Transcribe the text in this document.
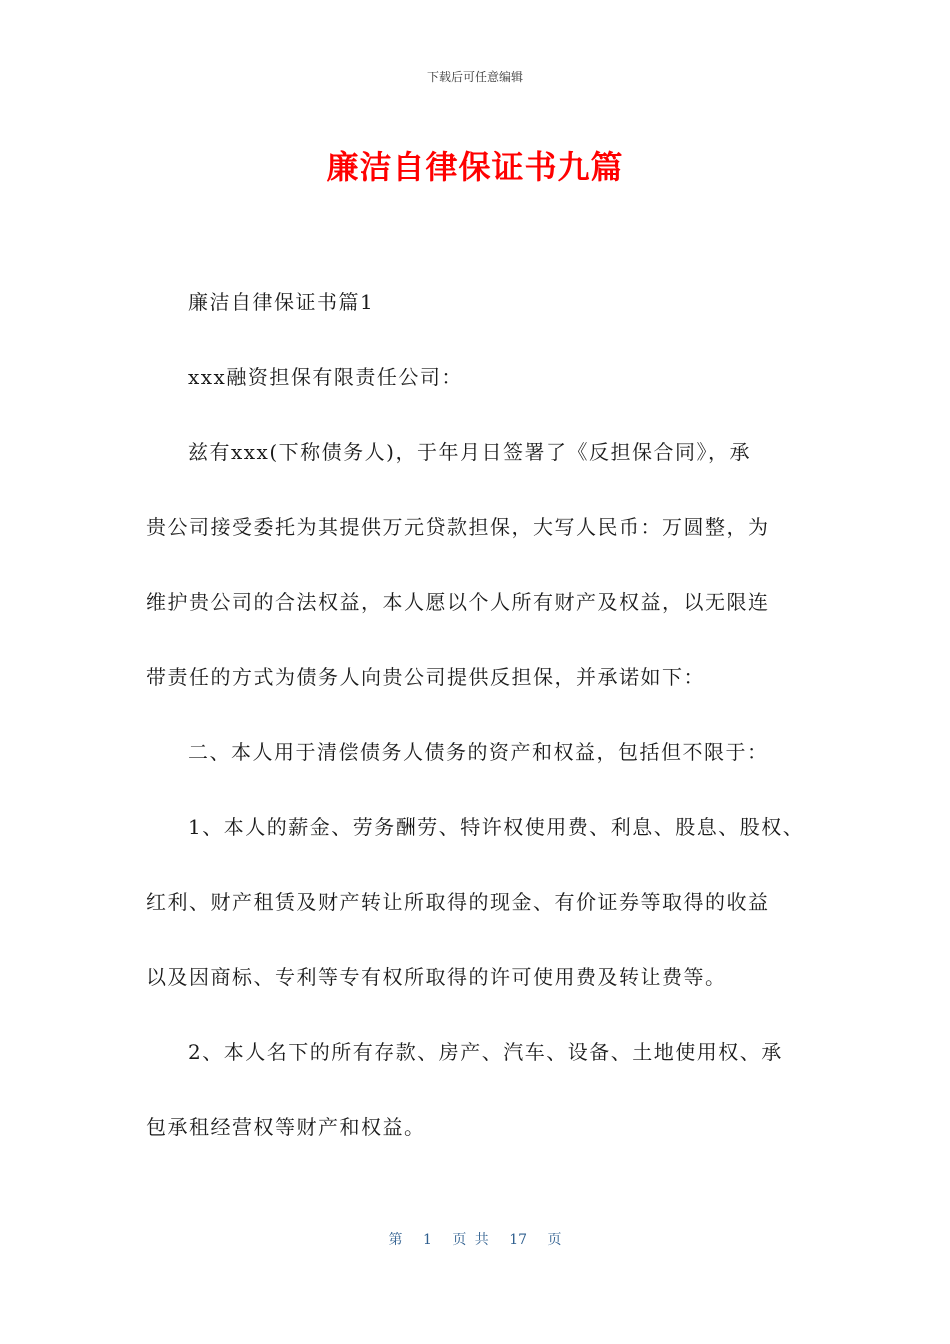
下载后可任意编辑
廉洁自律保证书九篇
廉洁自律保证书篇1
xxx融资担保有限责任公司：
兹有xxx(下称债务人)，于年月日签署了《反担保合同》，承
贵公司接受委托为其提供万元贷款担保，大写人民币：万圆整，为
维护贵公司的合法权益，本人愿以个人所有财产及权益，以无限连
带责任的方式为债务人向贵公司提供反担保，并承诺如下：
二、本人用于清偿债务人债务的资产和权益，包括但不限于：
1、本人的薪金、劳务酬劳、特许权使用费、利息、股息、股权、
红利、财产租赁及财产转让所取得的现金、有价证券等取得的收益
以及因商标、专利等专有权所取得的许可使用费及转让费等。
2、本人名下的所有存款、房产、汽车、设备、土地使用权、承
包承租经营权等财产和权益。
第 1 页 共 17 页
